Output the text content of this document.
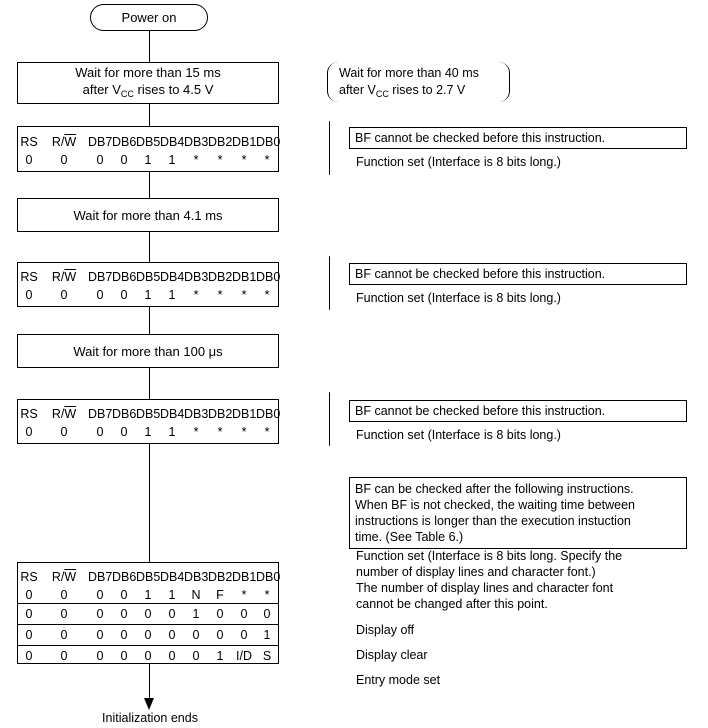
Power on
Wait for more than 15 ms
after $V_{CC}$ rises to 4.5 V
Wait for more than 40 ms
after $V_{CC}$ rises to 2.7 V
RS	$R/\overline{W}$	DB7	DB6	DB5	DB4	DB3	DB2	DB1	DB0
0	0	0	0	1	1	*	*	*	*
BF cannot be checked before this instruction.
Function set (Interface is 8 bits long.)
Wait for more than 4.1 ms
RS	$R/\overline{W}$	DB7	DB6	DB5	DB4	DB3	DB2	DB1	DB0
0	0	0	0	1	1	*	*	*	*
BF cannot be checked before this instruction.
Function set (Interface is 8 bits long.)
Wait for more than 100 μs
RS	$R/\overline{W}$	DB7	DB6	DB5	DB4	DB3	DB2	DB1	DB0
0	0	0	0	1	1	*	*	*	*
BF cannot be checked before this instruction.
Function set (Interface is 8 bits long.)
BF can be checked after the following instructions.
When BF is not checked, the waiting time between
instructions is longer than the execution instuction
time. (See Table 6.)
RS	$R/\overline{W}$	DB7	DB6	DB5	DB4	DB3	DB2	DB1	DB0
0	0	0	0	1	1	N	F	*	*
0	0	0	0	0	0	1	0	0	0
0	0	0	0	0	0	0	0	0	1
0	0	0	0	0	0	0	1	I/D	S
Function set (Interface is 8 bits long. Specify the
number of display lines and character font.)
The number of display lines and character font
cannot be changed after this point.
Display off
Display clear
Entry mode set
Initialization ends
